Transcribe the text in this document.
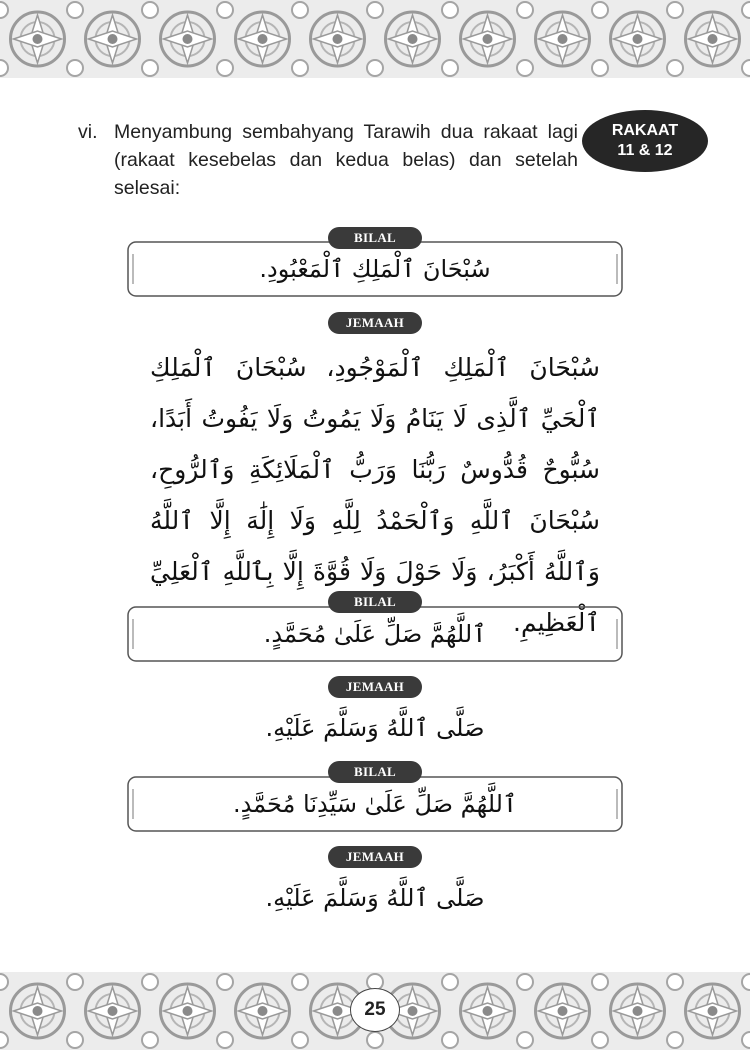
vi. Menyambung sembahyang Tarawih dua rakaat lagi (rakaat kesebelas dan kedua belas) dan setelah selesai:
RAKAAT
11 & 12
سُبْحَانَ ٱلْمَلِكِ ٱلْمَعْبُودِ.
BILAL
JEMAAH
سُبْحَانَ ٱلْمَلِكِ ٱلْمَوْجُودِ، سُبْحَانَ ٱلْمَلِكِ ٱلْحَيِّ ٱلَّذِى لَا يَنَامُ وَلَا يَمُوتُ وَلَا يَفُوتُ أَبَدًا، سُبُّوحٌ قُدُّوسٌ رَبُّنَا وَرَبُّ ٱلْمَلَائِكَةِ وَٱلرُّوحِ، سُبْحَانَ ٱللَّهِ وَٱلْحَمْدُ لِلَّهِ وَلَا إِلَٰهَ إِلَّا ٱللَّهُ وَٱللَّهُ أَكْبَرُ، وَلَا حَوْلَ وَلَا قُوَّةَ إِلَّا بِٱللَّهِ ٱلْعَلِيِّ ٱلْعَظِيمِ.
ٱللَّهُمَّ صَلِّ عَلَىٰ مُحَمَّدٍ.
BILAL
JEMAAH
صَلَّى ٱللَّهُ وَسَلَّمَ عَلَيْهِ.
ٱللَّهُمَّ صَلِّ عَلَىٰ سَيِّدِنَا مُحَمَّدٍ.
BILAL
JEMAAH
صَلَّى ٱللَّهُ وَسَلَّمَ عَلَيْهِ.
25
